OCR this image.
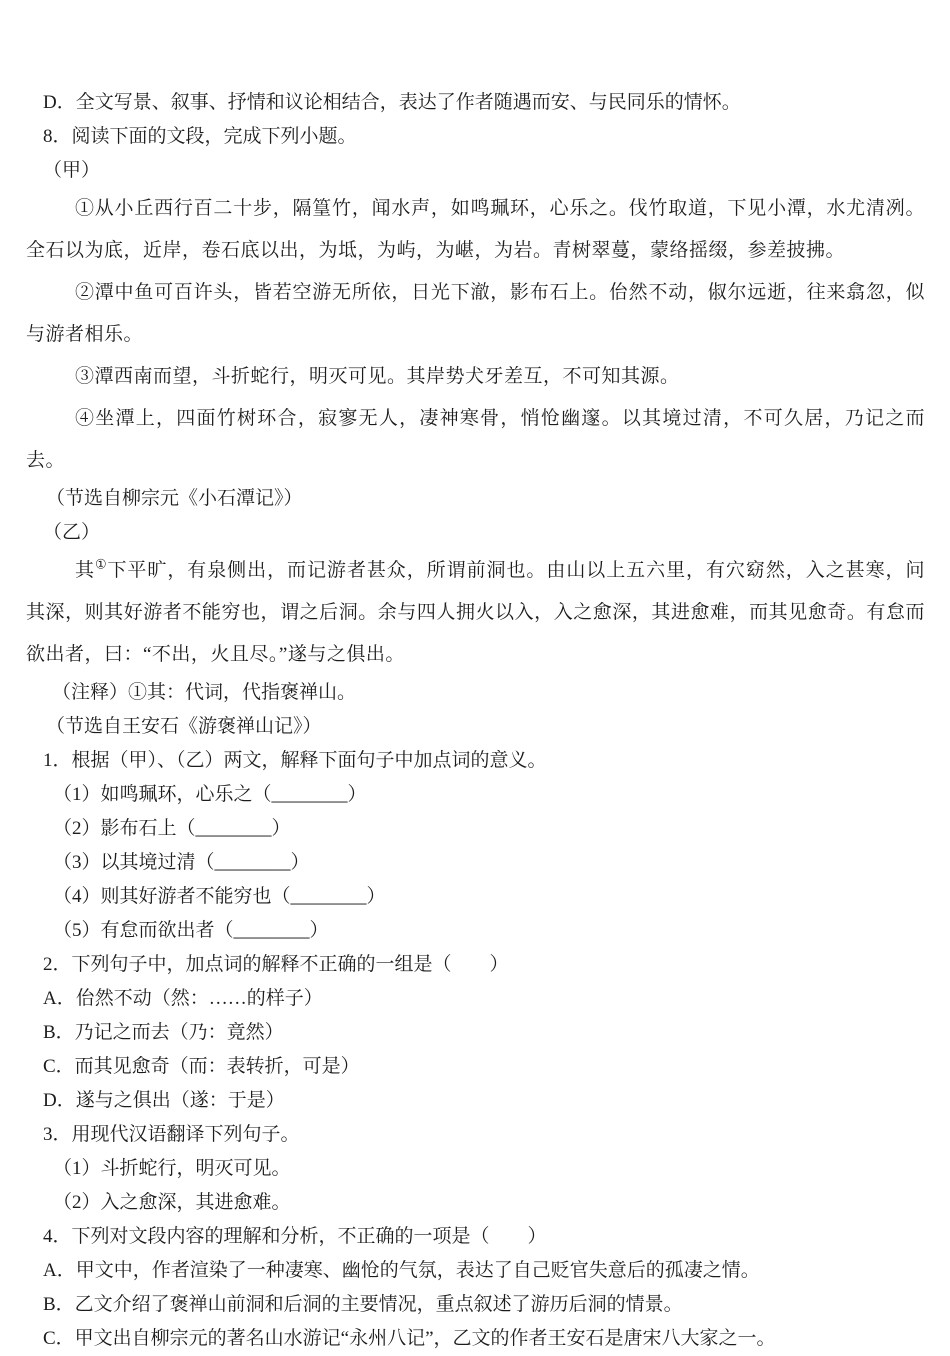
D．全文写景、叙事、抒情和议论相结合，表达了作者随遇而安、与民同乐的情怀。

8．阅读下面的文段，完成下列小题。

（甲）

①从小丘西行百二十步，隔篁竹，闻水声，如鸣珮环，心乐之。伐竹取道，下见小潭，水尤清冽。全石以为底，近岸，卷石底以出，为坻，为屿，为嵁，为岩。青树翠蔓，蒙络摇缀，参差披拂。

②潭中鱼可百许头，皆若空游无所依，日光下澈，影布石上。佁然不动，俶尔远逝，往来翕忽，似与游者相乐。

③潭西南而望，斗折蛇行，明灭可见。其岸势犬牙差互，不可知其源。

④坐潭上，四面竹树环合，寂寥无人，凄神寒骨，悄怆幽邃。以其境过清，不可久居，乃记之而去。

（节选自柳宗元《小石潭记》）

（乙）

其①下平旷，有泉侧出，而记游者甚众，所谓前洞也。由山以上五六里，有穴窈然，入之甚寒，问其深，则其好游者不能穷也，谓之后洞。余与四人拥火以入，入之愈深，其进愈难，而其见愈奇。有怠而欲出者，曰：“不出，火且尽。”遂与之俱出。

（注释）①其：代词，代指褒禅山。

（节选自王安石《游褒禅山记》）

1．根据（甲）、（乙）两文，解释下面句子中加点词的意义。

（1）如鸣珮环，心乐之（________）

（2）影布石上（________）

（3）以其境过清（________）

（4）则其好游者不能穷也（________）

（5）有怠而欲出者（________）

2．下列句子中，加点词的解释不正确的一组是（　　）

A．佁然不动（然：……的样子）

B．乃记之而去（乃：竟然）

C．而其见愈奇（而：表转折，可是）

D．遂与之俱出（遂：于是）

3．用现代汉语翻译下列句子。

（1）斗折蛇行，明灭可见。

（2）入之愈深，其进愈难。

4．下列对文段内容的理解和分析，不正确的一项是（　　）

A．甲文中，作者渲染了一种凄寒、幽怆的气氛，表达了自己贬官失意后的孤凄之情。

B．乙文介绍了褒禅山前洞和后洞的主要情况，重点叙述了游历后洞的情景。

C．甲文出自柳宗元的著名山水游记“永州八记”，乙文的作者王安石是唐宋八大家之一。
